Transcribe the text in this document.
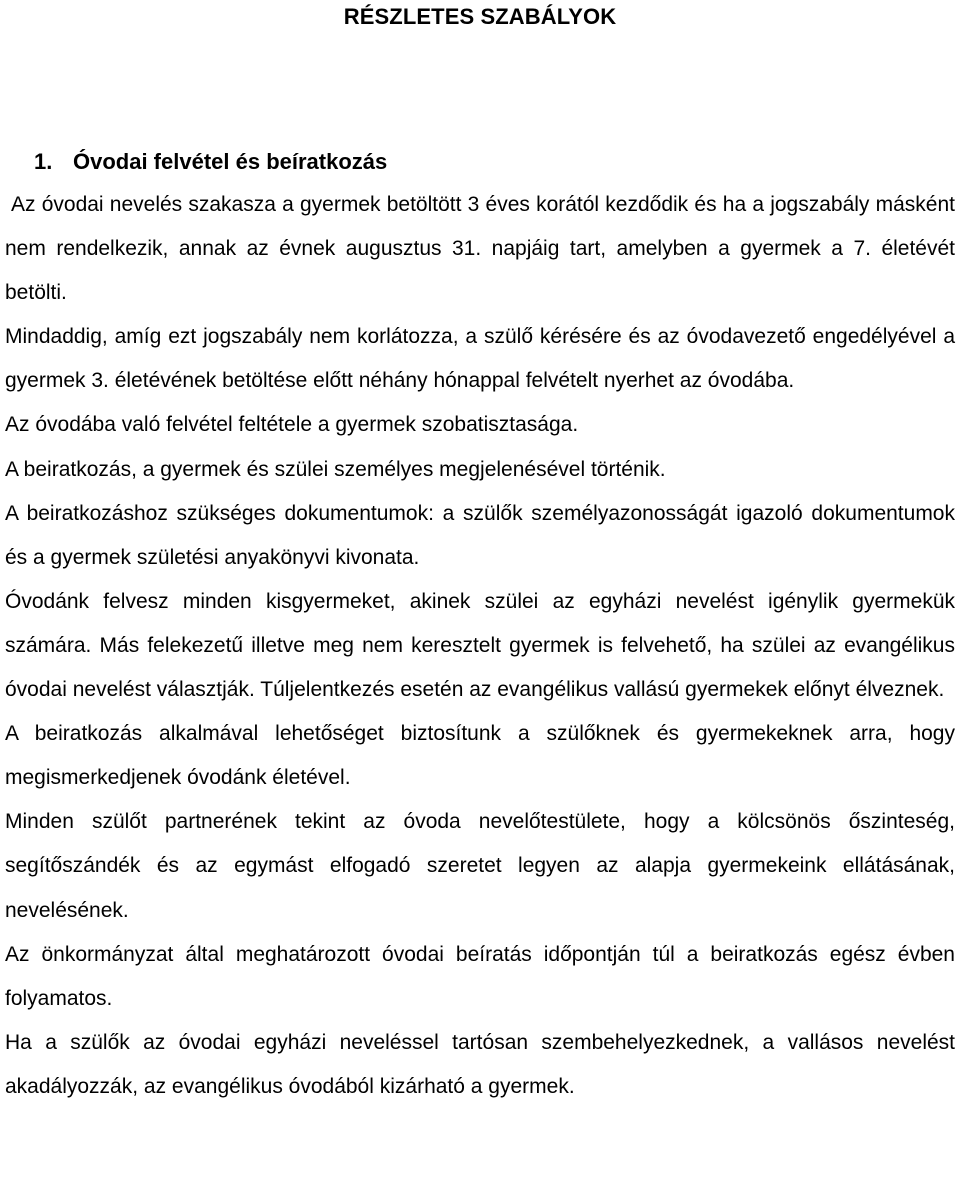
RÉSZLETES SZABÁLYOK
1. Óvodai felvétel és beíratkozás

Az óvodai nevelés szakasza a gyermek betöltött 3 éves korától kezdődik és ha a jogszabály másként nem rendelkezik, annak az évnek augusztus 31. napjáig tart, amelyben a gyermek a 7. életévét betölti.

Mindaddig, amíg ezt jogszabály nem korlátozza, a szülő kérésére és az óvodavezető engedélyével a gyermek 3. életévének betöltése előtt néhány hónappal felvételt nyerhet az óvodába.

Az óvodába való felvétel feltétele a gyermek szobatisztasága.

A beiratkozás, a gyermek és szülei személyes megjelenésével történik.

A beiratkozáshoz szükséges dokumentumok: a szülők személyazonosságát igazoló dokumentumok és a gyermek születési anyakönyvi kivonata.

Óvodánk felvesz minden kisgyermeket, akinek szülei az egyházi nevelést igénylik gyermekük számára. Más felekezetű illetve meg nem keresztelt gyermek is felvehető, ha szülei az evangélikus óvodai nevelést választják. Túljelentkezés esetén az evangélikus vallású gyermekek előnyt élveznek.

A beiratkozás alkalmával lehetőséget biztosítunk a szülőknek és gyermekeknek arra, hogy megismerkedjenek óvodánk életével.

Minden szülőt partnerének tekint az óvoda nevelőtestülete, hogy a kölcsönös őszinteség, segítőszándék és az egymást elfogadó szeretet legyen az alapja gyermekeink ellátásának, nevelésének.

Az önkormányzat által meghatározott óvodai beíratás időpontján túl a beiratkozás egész évben folyamatos.

Ha a szülők az óvodai egyházi neveléssel tartósan szembehelyezkednek, a vallásos nevelést akadályozzák, az evangélikus óvodából kizárható a gyermek.
